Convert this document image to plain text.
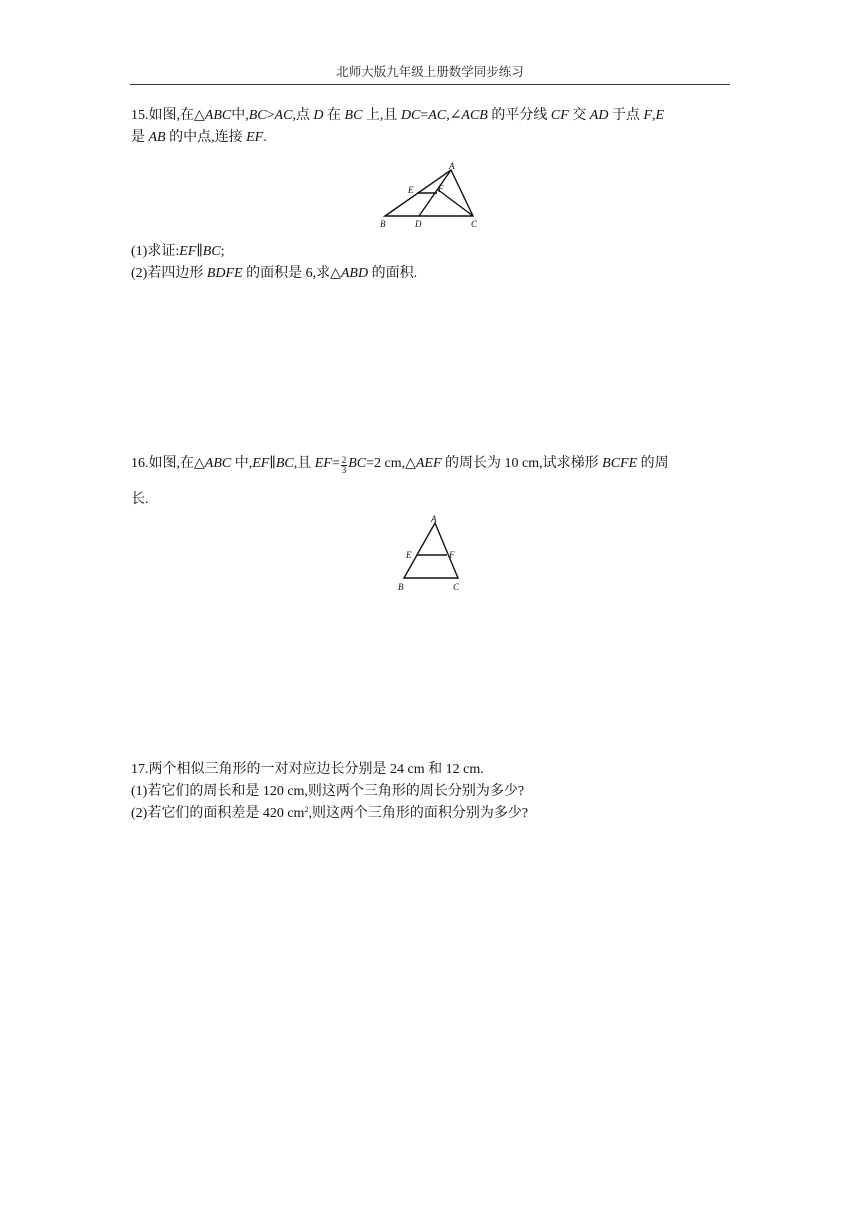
北师大版九年级上册数学同步练习
15.如图,在△ABC中,BC>AC,点 D 在 BC 上,且 DC=AC,∠ACB 的平分线 CF 交 AD 于点 F,E
是 AB 的中点,连接 EF.
A
B	C
D
E	F
(1)求证:EF∥BC;
(2)若四边形 BDFE 的面积是 6,求△ABD 的面积.
16.如图,在△ABC 中,EF∥BC,且 $EF= \frac{2}{3} BC=2$ cm,△AEF 的周长为 10 cm,试求梯形 BCFE 的周
长.
A
B	C
E	F
17.两个相似三角形的一对对应边长分别是 24 cm 和 12 cm.
(1)若它们的周长和是 120 cm,则这两个三角形的周长分别为多少?
(2)若它们的面积差是 420 $cm^2$,则这两个三角形的面积分别为多少?
